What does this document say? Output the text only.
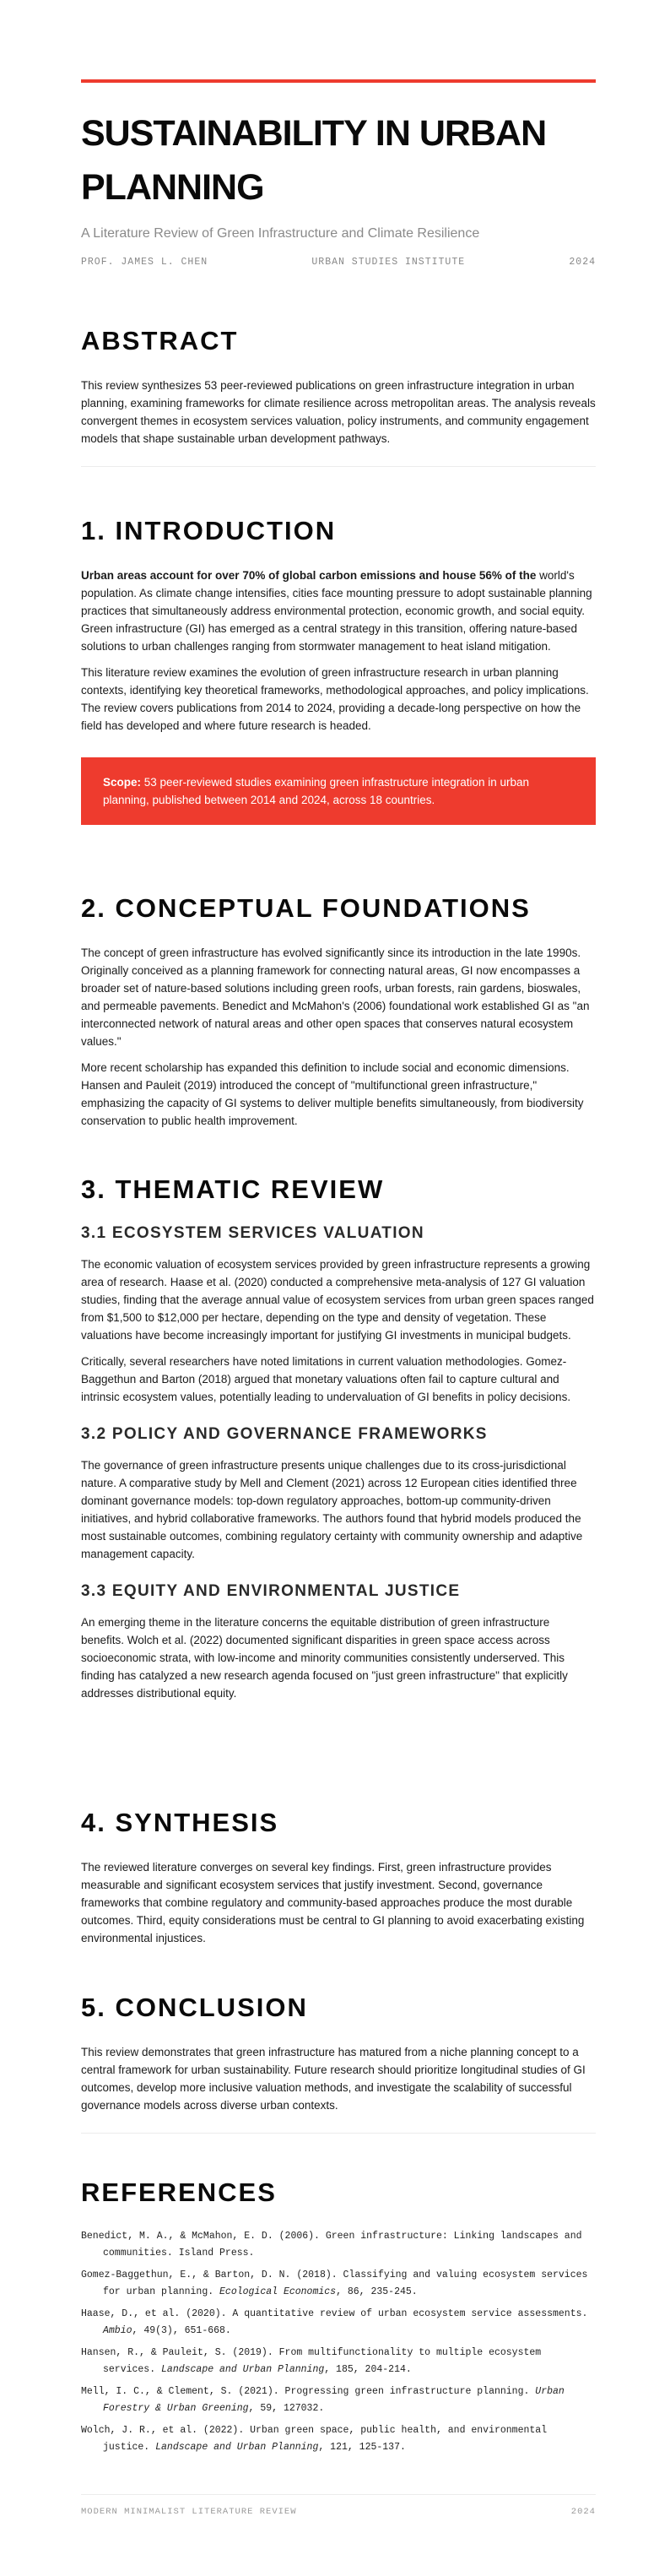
SUSTAINABILITY IN URBAN PLANNING
A Literature Review of Green Infrastructure and Climate Resilience
PROF. JAMES L. CHEN	URBAN STUDIES INSTITUTE	2024
ABSTRACT

This review synthesizes 53 peer-reviewed publications on green infrastructure integration in urban planning, examining frameworks for climate resilience across metropolitan areas. The analysis reveals convergent themes in ecosystem services valuation, policy instruments, and community engagement models that shape sustainable urban development pathways.

1. INTRODUCTION

Urban areas account for over 70% of global carbon emissions and house 56% of the world's population. As climate change intensifies, cities face mounting pressure to adopt sustainable planning practices that simultaneously address environmental protection, economic growth, and social equity. Green infrastructure (GI) has emerged as a central strategy in this transition, offering nature-based solutions to urban challenges ranging from stormwater management to heat island mitigation.

This literature review examines the evolution of green infrastructure research in urban planning contexts, identifying key theoretical frameworks, methodological approaches, and policy implications. The review covers publications from 2014 to 2024, providing a decade-long perspective on how the field has developed and where future research is headed.

Scope: 53 peer-reviewed studies examining green infrastructure integration in urban planning, published between 2014 and 2024, across 18 countries.
2. CONCEPTUAL FOUNDATIONS

The concept of green infrastructure has evolved significantly since its introduction in the late 1990s. Originally conceived as a planning framework for connecting natural areas, GI now encompasses a broader set of nature-based solutions including green roofs, urban forests, rain gardens, bioswales, and permeable pavements. Benedict and McMahon's (2006) foundational work established GI as "an interconnected network of natural areas and other open spaces that conserves natural ecosystem values."

More recent scholarship has expanded this definition to include social and economic dimensions. Hansen and Pauleit (2019) introduced the concept of "multifunctional green infrastructure," emphasizing the capacity of GI systems to deliver multiple benefits simultaneously, from biodiversity conservation to public health improvement.

3. THEMATIC REVIEW
3.1 ECOSYSTEM SERVICES VALUATION

The economic valuation of ecosystem services provided by green infrastructure represents a growing area of research. Haase et al. (2020) conducted a comprehensive meta-analysis of 127 GI valuation studies, finding that the average annual value of ecosystem services from urban green spaces ranged from $1,500 to $12,000 per hectare, depending on the type and density of vegetation. These valuations have become increasingly important for justifying GI investments in municipal budgets.

Critically, several researchers have noted limitations in current valuation methodologies. Gomez-Baggethun and Barton (2018) argued that monetary valuations often fail to capture cultural and intrinsic ecosystem values, potentially leading to undervaluation of GI benefits in policy decisions.

3.2 POLICY AND GOVERNANCE FRAMEWORKS

The governance of green infrastructure presents unique challenges due to its cross-jurisdictional nature. A comparative study by Mell and Clement (2021) across 12 European cities identified three dominant governance models: top-down regulatory approaches, bottom-up community-driven initiatives, and hybrid collaborative frameworks. The authors found that hybrid models produced the most sustainable outcomes, combining regulatory certainty with community ownership and adaptive management capacity.

3.3 EQUITY AND ENVIRONMENTAL JUSTICE

An emerging theme in the literature concerns the equitable distribution of green infrastructure benefits. Wolch et al. (2022) documented significant disparities in green space access across socioeconomic strata, with low-income and minority communities consistently underserved. This finding has catalyzed a new research agenda focused on "just green infrastructure" that explicitly addresses distributional equity.

4. SYNTHESIS

The reviewed literature converges on several key findings. First, green infrastructure provides measurable and significant ecosystem services that justify investment. Second, governance frameworks that combine regulatory and community-based approaches produce the most durable outcomes. Third, equity considerations must be central to GI planning to avoid exacerbating existing environmental injustices.

5. CONCLUSION

This review demonstrates that green infrastructure has matured from a niche planning concept to a central framework for urban sustainability. Future research should prioritize longitudinal studies of GI outcomes, develop more inclusive valuation methods, and investigate the scalability of successful governance models across diverse urban contexts.

REFERENCES

Benedict, M. A., & McMahon, E. D. (2006). Green infrastructure: Linking landscapes and communities. Island Press.

Gomez-Baggethun, E., & Barton, D. N. (2018). Classifying and valuing ecosystem services for urban planning. Ecological Economics, 86, 235-245.

Haase, D., et al. (2020). A quantitative review of urban ecosystem service assessments. Ambio, 49(3), 651-668.

Hansen, R., & Pauleit, S. (2019). From multifunctionality to multiple ecosystem services. Landscape and Urban Planning, 185, 204-214.

Mell, I. C., & Clement, S. (2021). Progressing green infrastructure planning. Urban Forestry & Urban Greening, 59, 127032.

Wolch, J. R., et al. (2022). Urban green space, public health, and environmental justice. Landscape and Urban Planning, 121, 125-137.

MODERN MINIMALIST LITERATURE REVIEW	2024
